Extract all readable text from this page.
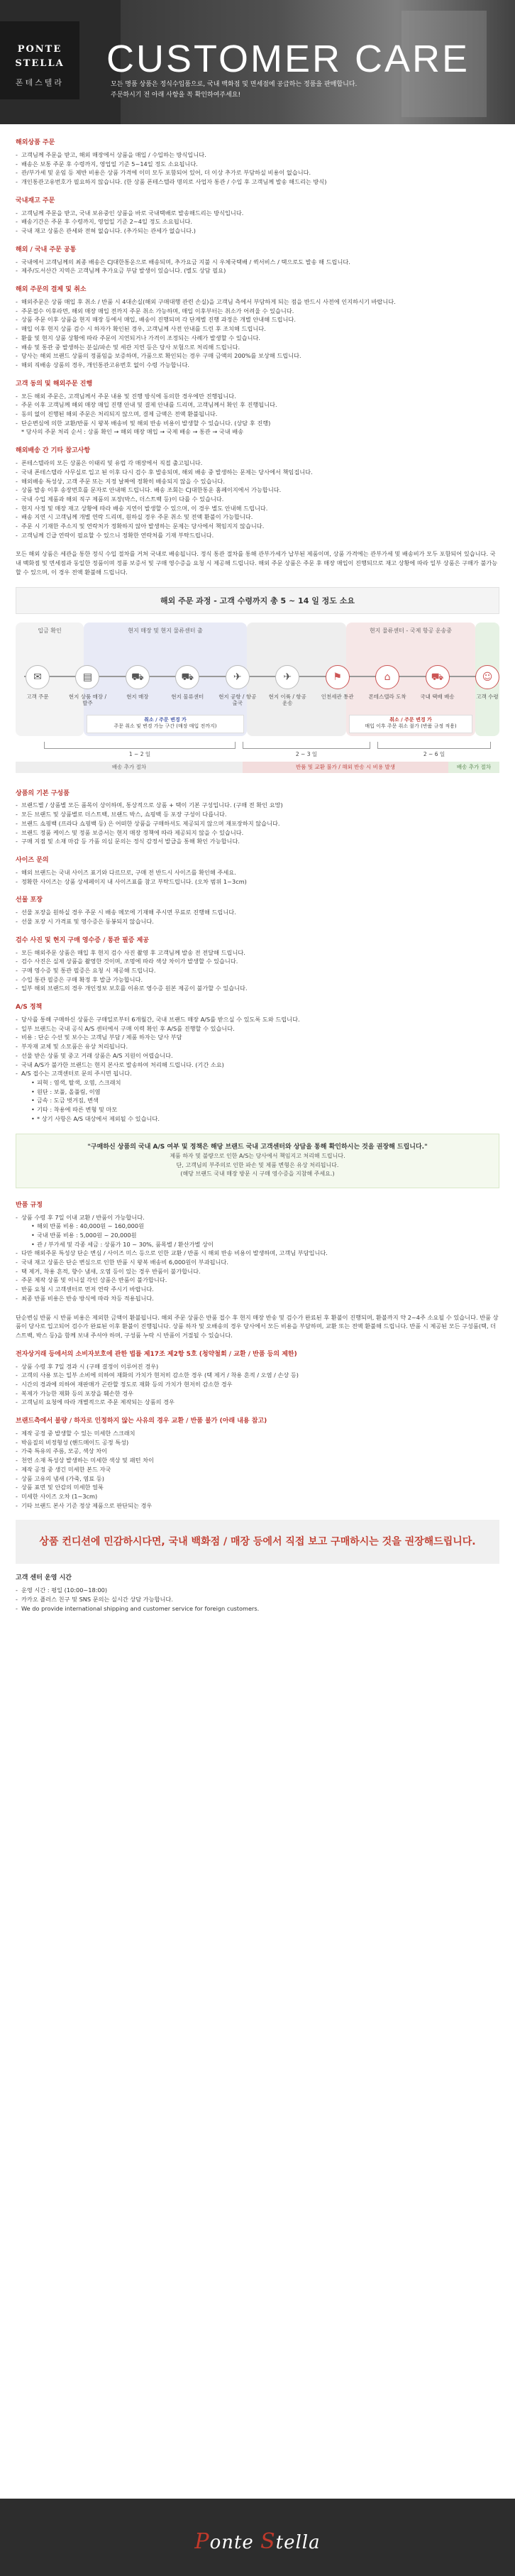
PONTE
STELLA
폰테스텔라
CUSTOMER CARE
모든 명품 상품은 정식수입품으로, 국내 백화점 및 면세점에 공급하는 정품을 판매합니다.
주문하시기 전 아래 사항을 꼭 확인하여주세요!
해외상품 주문
- 고객님께 주문을 받고, 해외 매장에서 상품을 매입 / 수입하는 방식입니다.
- 배송은 보통 주문 후 수령까지, 영업일 기준 5~14일 정도 소요됩니다.
- 관/부가세 및 운임 등 제반 비용은 상품 가격에 이미 모두 포함되어 있어, 더 이상 추가로 부담하실 비용이 없습니다.
- 개인통관고유번호가 필요하지 않습니다. (한 상품 폰테스텔라 명의로 사업자 통관 / 수입 후 고객님께 발송 해드리는 방식)
국내재고 주문
- 고객님께 주문을 받고, 국내 보유중인 상품을 바로 국내택배로 발송해드리는 방식입니다.
- 배송기간은 주문 후 수령까지, 영업일 기준 2~4일 정도 소요됩니다.
- 국내 재고 상품은 관세와 전혀 없습니다. (추가되는 관세가 없습니다.)
해외 / 국내 주문 공통
- 국내에서 고객님께의 최종 배송은 CJ대한통운으로 배송되며, 추가요금 지불 시 우체국택배 / 퀵서비스 / 택으로도 발송 해 드립니다.
- 제주/도서산간 지역은 고객님께 추가요금 부담 발생이 있습니다. (별도 상담 필요)
해외 주문의 결제 및 취소
- 해외주문은 상품 매입 후 취소 / 반품 시 4대손실(해외 구매대행 관련 손실)을 고객님 측에서 부담하게 되는 점을 반드시 사전에 인지하시기 바랍니다.
- 주문접수 이후라면, 해외 매장 매입 전까지 주문 취소 가능하며, 매입 이후부터는 취소가 어려울 수 있습니다.
- 상품 주문 이후 상품을 현지 매장 등에서 매입, 배송이 진행되며 각 단계별 진행 과정은 개별 안내해 드립니다.
- 매입 이후 현지 상품 검수 시 하자가 확인된 경우, 고객님께 사전 안내를 드린 후 조치해 드립니다.
- 환율 및 현지 상품 상황에 따라 주문이 지연되거나 가격이 조정되는 사례가 발생할 수 있습니다.
- 배송 및 통관 중 발생하는 분실/파손 및 세관 지연 등은 당사 보험으로 처리해 드립니다.
- 당사는 해외 브랜드 상품의 정품임을 보증하며, 가품으로 확인되는 경우 구매 금액의 200%를 보상해 드립니다.
- 해외 직배송 상품의 경우, 개인통관고유번호 없이 수령 가능합니다.
고객 동의 및 해외주문 진행
- 모든 해외 주문은, 고객님께서 주문 내용 및 진행 방식에 동의한 경우에만 진행됩니다.
- 주문 이후 고객님께 해외 매장 매입 진행 안내 및 결제 안내를 드리며, 고객님께서 확인 후 진행됩니다.
- 동의 없이 진행된 해외 주문은 처리되지 않으며, 결제 금액은 전액 환불됩니다.
- 단순변심에 의한 교환/반품 시 왕복 배송비 및 해외 반송 비용이 발생할 수 있습니다. (상담 후 진행)
* 당사의 주문 처리 순서 : 상품 확인 → 해외 매장 매입 → 국제 배송 → 통관 → 국내 배송
해외배송 간 기타 참고사항
- 폰테스텔라의 모든 상품은 이태리 및 유럽 각 매장에서 직접 출고됩니다.
- 국내 폰테스텔라 사무실로 입고 된 이후 다시 검수 후 발송되며, 해외 배송 중 발생하는 문제는 당사에서 책임집니다.
- 해외배송 특성상, 고객 주문 또는 지정 날짜에 정확히 배송되지 않을 수 있습니다.
- 상품 발송 이후 송장번호를 문자로 안내해 드립니다. 배송 조회는 CJ대한통운 홈페이지에서 가능합니다.
- 국내 수입 제품과 해외 직구 제품의 포장(박스, 더스트백 등)이 다를 수 있습니다.
- 현지 사정 및 매장 재고 상황에 따라 배송 지연이 발생할 수 있으며, 이 경우 별도 안내해 드립니다.
- 배송 지연 시 고객님께 개별 연락 드리며, 원하실 경우 주문 취소 및 전액 환불이 가능합니다.
- 주문 시 기재한 주소지 및 연락처가 정확하지 않아 발생하는 문제는 당사에서 책임지지 않습니다.
- 고객님께 긴급 연락이 필요할 수 있으니 정확한 연락처를 기재 부탁드립니다.
모든 해외 상품은 세관을 통한 정식 수입 절차를 거쳐 국내로 배송됩니다. 정식 통관 절차를 통해 관부가세가 납부된 제품이며, 상품 가격에는 관부가세 및 배송비가 모두 포함되어 있습니다. 국내 백화점 및 면세점과 동일한 정품이며 정품 보증서 및 구매 영수증을 요청 시 제공해 드립니다. 해외 주문 상품은 주문 후 매장 매입이 진행되므로 재고 상황에 따라 일부 상품은 구매가 불가능할 수 있으며, 이 경우 전액 환불해 드립니다.
해외 주문 과정 - 고객 수령까지 총 5 ~ 14 일 정도 소요
입금 확인	현지 매장 및 현지 물류센터 출	현지 물류센터 - 국제 항공 운송중
✉
고객 주문
▤
현지 상품 매장 / 발주
⛟
현지 매장
⛟
현지 물류센터
✈
현지 공항 / 항공 출국
✈
현지 이륙 / 항공 운송
⚑
인천세관 통관
⌂
폰테스텔라 도착
⛟
국내 택배 배송
☺
고객 수령
취소 / 주문 변경 가
주문 취소 및 변경 가능 구간 (매장 매입 전까지)
취소 / 주문 변경 가
매입 이후 주문 취소 불가 (반품 규정 적용)
1 ~ 2 일	2 ~ 3 일	2 ~ 6 일
배송 추가 절차	반품 및 교환 불가 / 해외 반송 시 비용 발생	배송 추가 절차
상품의 기본 구성품
- 브랜드별 / 상품별 모든 품목이 상이하며, 통상적으로 상품 + 택이 기본 구성입니다. (구매 전 확인 요망)
- 모든 브랜드 및 상품별로 더스트백, 브랜드 박스, 쇼핑백 등 포장 구성이 다릅니다.
- 브랜드 쇼핑백 (프라다 쇼핑백 등) 은 어떠한 상품을 구매하셔도 제공되지 않으며 재포장하지 않습니다.
- 브랜드 정품 케이스 및 정품 보증서는 현지 매장 정책에 따라 제공되지 않을 수 있습니다.
- 구매 지점 및 소재 마감 등 가품 의심 문의는 정식 감정서 발급을 통해 확인 가능합니다.
사이즈 문의
- 해외 브랜드는 국내 사이즈 표기와 다르므로, 구매 전 반드시 사이즈를 확인해 주세요.
- 정확한 사이즈는 상품 상세페이지 내 사이즈표를 참고 부탁드립니다. (오차 범위 1~3cm)
선물 포장
- 선물 포장을 원하실 경우 주문 시 배송 메모에 기재해 주시면 무료로 진행해 드립니다.
- 선물 포장 시 가격표 및 영수증은 동봉되지 않습니다.
검수 사진 및 현지 구매 영수증 / 통관 필증 제공
- 모든 해외주문 상품은 매입 후 현지 검수 사진 촬영 후 고객님께 발송 전 전달해 드립니다.
- 검수 사진은 실제 상품을 촬영한 것이며, 조명에 따라 색상 차이가 발생할 수 있습니다.
- 구매 영수증 및 통관 필증은 요청 시 제공해 드립니다.
- 수입 통관 필증은 구매 확정 후 발급 가능합니다.
- 일부 해외 브랜드의 경우 개인정보 보호를 이유로 영수증 원본 제공이 불가할 수 있습니다.
A/S 정책
- 당사를 통해 구매하신 상품은 구매일로부터 6개월간, 국내 브랜드 매장 A/S를 받으실 수 있도록 도와 드립니다.
- 일부 브랜드는 국내 공식 A/S 센터에서 구매 이력 확인 후 A/S를 진행할 수 있습니다.
- 비용 : 단순 수선 및 보수는 고객님 부담 / 제품 하자는 당사 부담
- 부자재 교체 및 소모품은 유상 처리됩니다.
- 선물 받은 상품 및 중고 거래 상품은 A/S 지원이 어렵습니다.
- 국내 A/S가 불가한 브랜드는 현지 본사로 발송하여 처리해 드립니다. (기간 소요)
- A/S 접수는 고객센터로 문의 주시면 됩니다.
• 피혁 : 염색, 탈색, 오염, 스크래치
• 원단 : 보풀, 올풀림, 이염
• 금속 : 도금 벗겨짐, 변색
• 기타 : 착용에 따른 변형 및 마모
• * 상기 사항은 A/S 대상에서 제외될 수 있습니다.
"구매하신 상품의 국내 A/S 여부 및 정책은 해당 브랜드 국내 고객센터와 상담을 통해 확인하시는 것을 권장해 드립니다."
제품 하자 및 불량으로 인한 A/S는 당사에서 책임지고 처리해 드립니다.
단, 고객님의 부주의로 인한 파손 및 제품 변형은 유상 처리됩니다.
(해당 브랜드 국내 매장 방문 시 구매 영수증을 지참해 주세요.)
반품 규정
- 상품 수령 후 7일 이내 교환 / 반품이 가능합니다.
• 해외 반품 비용 : 40,000원 ~ 160,000원
• 국내 반품 비용 : 5,000원 ~ 20,000원
• 관 / 부가세 및 각종 세금 : 상품가 10 ~ 30%, 품목별 / 환산가별 상이
- 다만 해외주문 특성상 단순 변심 / 사이즈 미스 등으로 인한 교환 / 반품 시 해외 반송 비용이 발생하며, 고객님 부담입니다.
- 국내 재고 상품은 단순 변심으로 인한 반품 시 왕복 배송비 6,000원이 부과됩니다.
- 택 제거, 착용 흔적, 향수 냄새, 오염 등이 있는 경우 반품이 불가합니다.
- 주문 제작 상품 및 이니셜 각인 상품은 반품이 불가합니다.
- 반품 요청 시 고객센터로 먼저 연락 주시기 바랍니다.
- 최종 반품 비용은 반송 방식에 따라 차등 적용됩니다.
단순변심 반품 시 반품 비용은 제외한 금액이 환불됩니다. 해외 주문 상품은 반품 접수 후 현지 매장 반송 및 검수가 완료된 후 환불이 진행되며, 환불까지 약 2~4주 소요될 수 있습니다. 반품 상품이 당사로 입고되어 검수가 완료된 이후 환불이 진행됩니다. 상품 하자 및 오배송의 경우 당사에서 모든 비용을 부담하며, 교환 또는 전액 환불해 드립니다. 반품 시 제공된 모든 구성품(택, 더스트백, 박스 등)을 함께 보내 주셔야 하며, 구성품 누락 시 반품이 거절될 수 있습니다.
전자상거래 등에서의 소비자보호에 관한 법률 제17조 제2항 5호 (청약철회 / 교환 / 반품 등의 제한)
- 상품 수령 후 7일 경과 시 (구매 결정이 이루어진 경우)
- 고객의 사용 또는 일부 소비에 의하여 재화의 가치가 현저히 감소한 경우 (택 제거 / 착용 흔적 / 오염 / 손상 등)
- 시간의 경과에 의하여 재판매가 곤란할 정도로 재화 등의 가치가 현저히 감소한 경우
- 복제가 가능한 재화 등의 포장을 훼손한 경우
- 고객님의 요청에 따라 개별적으로 주문 제작되는 상품의 경우
브랜드측에서 불량 / 하자로 인정하지 않는 사유의 경우 교환 / 반품 불가 (아래 내용 참고)
- 제작 공정 중 발생할 수 있는 미세한 스크래치
- 박음질의 비정형성 (핸드메이드 공정 특성)
- 가죽 특유의 주름, 모공, 색상 차이
- 천연 소재 특성상 발생하는 미세한 색상 및 패턴 차이
- 제작 공정 중 생긴 미세한 본드 자국
- 상품 고유의 냄새 (가죽, 염료 등)
- 상품 표면 및 안감의 미세한 얼룩
- 미세한 사이즈 오차 (1~3cm)
- 기타 브랜드 본사 기준 정상 제품으로 판단되는 경우
상품 컨디션에 민감하시다면, 국내 백화점 / 매장 등에서 직접 보고 구매하시는 것을 권장해드립니다.
고객 센터 운영 시간
- 운영 시간 : 평일 (10:00~18:00)
- 카카오 플러스 친구 및 SNS 문의는 실시간 상담 가능합니다.
- We do provide international shipping and customer service for foreign customers.
Ponte Stella
